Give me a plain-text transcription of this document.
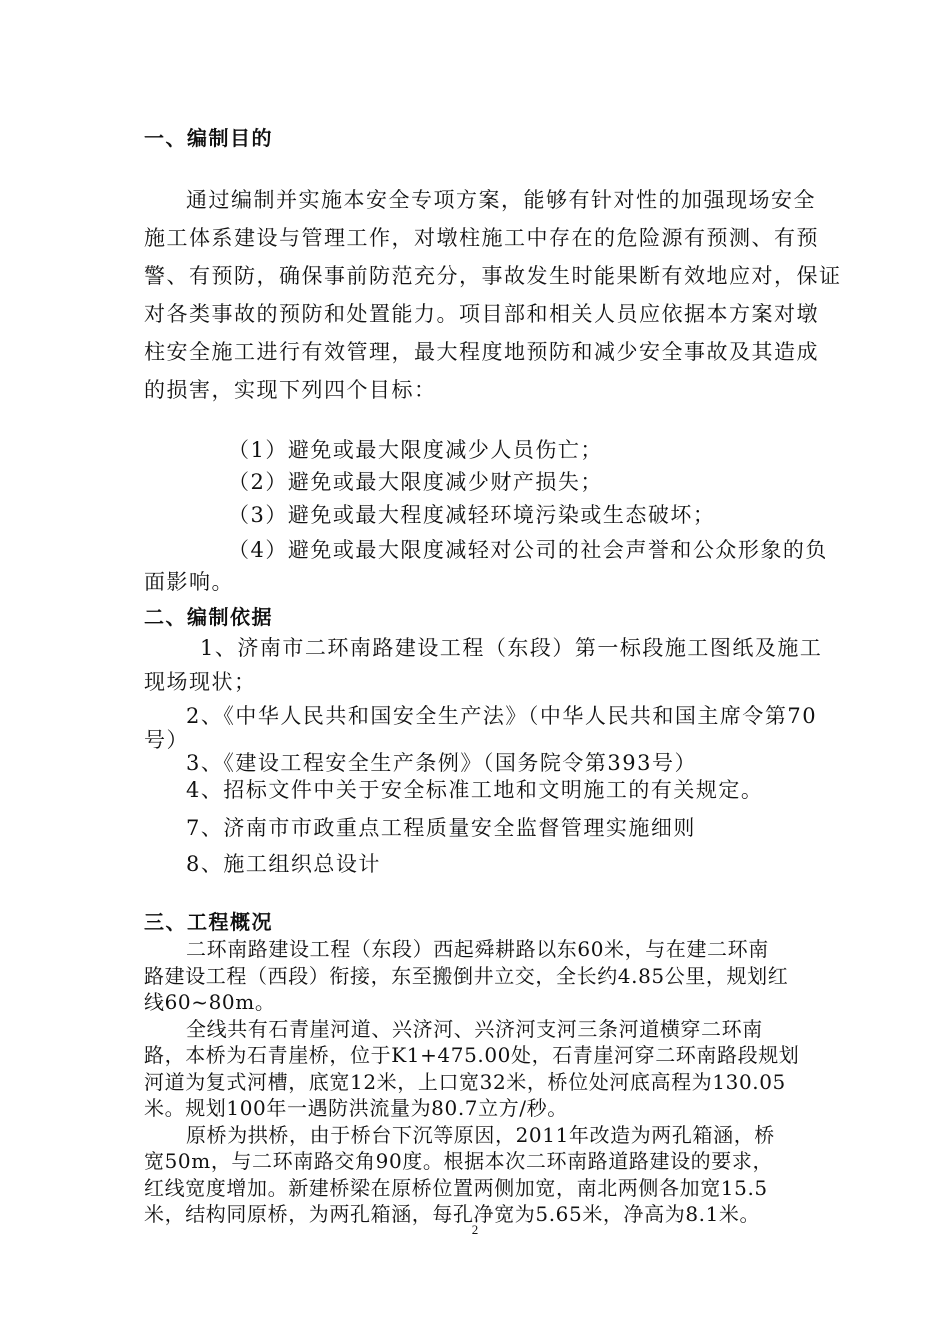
一、编制目的
通过编制并实施本安全专项方案，能够有针对性的加强现场安全
施工体系建设与管理工作，对墩柱施工中存在的危险源有预测、有预
警、有预防，确保事前防范充分，事故发生时能果断有效地应对，保证
对各类事故的预防和处置能力。项目部和相关人员应依据本方案对墩
柱安全施工进行有效管理，最大程度地预防和减少安全事故及其造成
的损害，实现下列四个目标：
（1）避免或最大限度减少人员伤亡；
（2）避免或最大限度减少财产损失；
（3）避免或最大程度减轻环境污染或生态破坏；
（4）避免或最大限度减轻对公司的社会声誉和公众形象的负
面影响。
二、编制依据
1、济南市二环南路建设工程（东段）第一标段施工图纸及施工
现场现状；
2、《中华人民共和国安全生产法》（中华人民共和国主席令第70
号）
3、《建设工程安全生产条例》（国务院令第393号）
4、招标文件中关于安全标准工地和文明施工的有关规定。
7、济南市市政重点工程质量安全监督管理实施细则
8、施工组织总设计
三、工程概况
二环南路建设工程（东段）西起舜耕路以东60米，与在建二环南
路建设工程（西段）衔接，东至搬倒井立交，全长约4.85公里，规划红
线60~80m。
全线共有石青崖河道、兴济河、兴济河支河三条河道横穿二环南
路，本桥为石青崖桥，位于K1+475.00处，石青崖河穿二环南路段规划
河道为复式河槽，底宽12米，上口宽32米，桥位处河底高程为130.05
米。规划100年一遇防洪流量为80.7立方/秒。
原桥为拱桥，由于桥台下沉等原因，2011年改造为两孔箱涵，桥
宽50m，与二环南路交角90度。根据本次二环南路道路建设的要求，
红线宽度增加。新建桥梁在原桥位置两侧加宽，南北两侧各加宽15.5
米，结构同原桥，为两孔箱涵，每孔净宽为5.65米，净高为8.1米。
2
